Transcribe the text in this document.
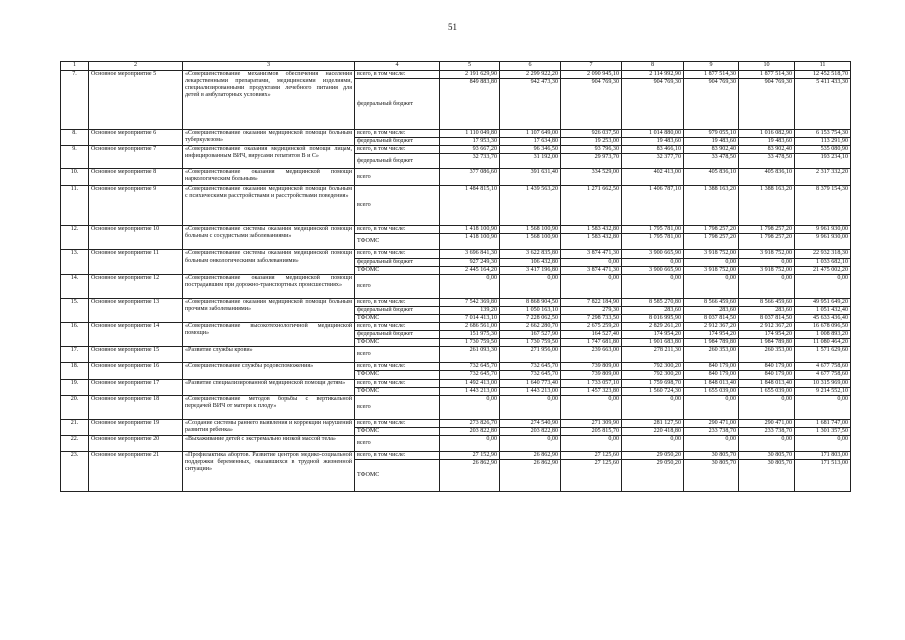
51
1	2	3	4	5	6	7	8	9	10	11
7.	Основное мероприятие 5	«Совершенствование механизмов обеспечения населения лекарственными препаратами, медицинскими изделиями, специализированными продуктами лечебного питания для детей в амбулаторных условиях»	всего, в том числе:	2 191 629,90	2 299 922,20	2 090 945,10	2 114 992,90	1 877 514,30	1 877 514,30	12 452 518,70
			федеральный бюджет	849 883,80	942 473,30	904 769,30	904 769,30	904 769,30	904 769,30	5 411 433,30
8.	Основное мероприятие 6	«Совершенствование оказания медицинской помощи больным туберкулезом»	всего, в том числе:	1 110 049,80	1 107 649,00	926 037,50	1 014 880,00	979 055,10	1 016 082,90	6 153 754,30
			федеральный бюджет	17 953,30	17 634,80	19 253,00	19 483,60	19 483,60	19 483,60	113 291,90
9.	Основное мероприятие 7	«Совершенствование оказания медицинской помощи лицам, инфицированным ВИЧ, вирусами гепатитов В и С»	всего, в том числе:	93 667,20	96 346,50	93 796,30	83 466,10	83 902,40	83 902,40	535 080,90
			федеральный бюджет	32 733,70	31 192,00	29 973,70	32 377,70	33 478,50	33 478,50	193 234,10
10.	Основное мероприятие 8	«Совершенствование оказания медицинской помощи наркологическим больным»	всего	377 086,60	391 631,40	334 529,00	402 413,00	405 836,10	405 836,10	2 317 332,20
11.	Основное мероприятие 9	«Совершенствование оказания медицинской помощи больным с психическими расстройствами и расстройствами поведения»	всего	1 484 815,10	1 439 563,20	1 271 662,50	1 406 787,10	1 388 163,20	1 388 163,20	8 379 154,30
12.	Основное мероприятие 10	«Совершенствование системы оказания медицинской помощи больным с сосудистыми заболеваниями»	всего, в том числе:	1 418 100,90	1 568 100,90	1 583 432,80	1 795 781,00	1 798 257,20	1 798 257,20	9 961 930,00
			ТФОМС	1 418 100,90	1 568 100,90	1 583 432,80	1 795 781,00	1 798 257,20	1 798 257,20	9 961 930,00
13.	Основное мероприятие 11	«Совершенствование системы оказания медицинской помощи больным онкологическими заболеваниями»	всего, в том числе:	3 696 841,30	3 622 835,80	3 874 471,30	3 900 665,90	3 918 752,00	3 918 752,00	22 932 318,30
			федеральный бюджет	927 249,30	106 432,80	0,00	0,00	0,00	0,00	1 033 682,10
			ТФОМС	2 445 164,20	3 417 196,80	3 874 471,30	3 900 665,90	3 918 752,00	3 918 752,00	21 475 002,20
14.	Основное мероприятие 12	«Совершенствование оказания медицинской помощи пострадавшим при дорожно-транспортных происшествиях»	всего	0,00	0,00	0,00	0,00	0,00	0,00	0,00
15.	Основное мероприятие 13	«Совершенствование оказания медицинской помощи больным прочими заболеваниями»	всего, в том числе:	7 542 369,80	8 868 904,50	7 822 184,90	8 585 270,80	8 566 459,60	8 566 459,60	49 951 649,20
			федеральный бюджет	139,20	1 050 163,10	279,30	283,60	283,60	283,60	1 051 432,40
			ТФОМС	7 014 413,10	7 228 062,50	7 298 733,50	8 016 995,90	8 037 814,50	8 037 814,50	45 633 436,40
16.	Основное мероприятие 14	«Совершенствование высокотехнологичной медицинской помощи»	всего, в том числе:	2 686 561,00	2 662 280,70	2 675 259,20	2 829 261,20	2 912 367,20	2 912 367,20	16 678 096,50
			федеральный бюджет	151 975,30	167 527,90	164 527,40	174 954,20	174 954,20	174 954,20	1 008 893,20
			ТФОМС	1 730 759,50	1 730 759,50	1 747 681,80	1 901 683,80	1 984 789,80	1 984 789,80	11 080 464,20
17.	Основное мероприятие 15	«Развитие службы крови»	всего	261 093,30	271 956,00	239 663,00	278 211,30	260 353,00	260 353,00	1 571 629,60
18.	Основное мероприятие 16	«Совершенствование службы родовспоможения»	всего, в том числе:	732 645,70	732 645,70	739 809,00	792 300,20	840 179,00	840 179,00	4 677 758,60
			ТФОМС	732 645,70	732 645,70	739 809,00	792 300,20	840 179,00	840 179,00	4 677 758,60
19.	Основное мероприятие 17	«Развитие специализированной медицинской помощи детям»	всего, в том числе:	1 492 413,00	1 640 773,40	1 733 057,10	1 759 698,70	1 848 013,40	1 848 013,40	10 315 969,00
			ТФОМС	1 443 213,00	1 443 213,00	1 457 323,80	1 560 724,30	1 655 039,00	1 655 039,00	9 214 552,10
20.	Основное мероприятие 18	«Совершенствование методов борьбы с вертикальной передачей ВИЧ от матери к плоду»	всего	0,00	0,00	0,00	0,00	0,00	0,00	0,00
21.	Основное мероприятие 19	«Создание системы раннего выявления и коррекции нарушений развития ребенка»	всего, в том числе:	273 826,70	274 540,90	271 309,90	281 127,50	290 471,00	290 471,00	1 681 747,00
			ТФОМС	203 822,80	203 822,80	205 815,70	220 418,80	233 738,70	233 738,70	1 301 357,50
22.	Основное мероприятие 20	«Выхаживание детей с экстремально низкой массой тела»	всего	0,00	0,00	0,00	0,00	0,00	0,00	0,00
23.	Основное мероприятие 21	«Профилактика абортов. Развитие центров медико-социальной поддержки беременных, оказавшихся в трудной жизненной ситуации»	всего, в том числе:	27 152,90	26 862,90	27 125,60	29 050,20	30 805,70	30 805,70	171 803,00
			ТФОМС	26 862,90	26 862,90	27 125,60	29 050,20	30 805,70	30 805,70	171 513,00
